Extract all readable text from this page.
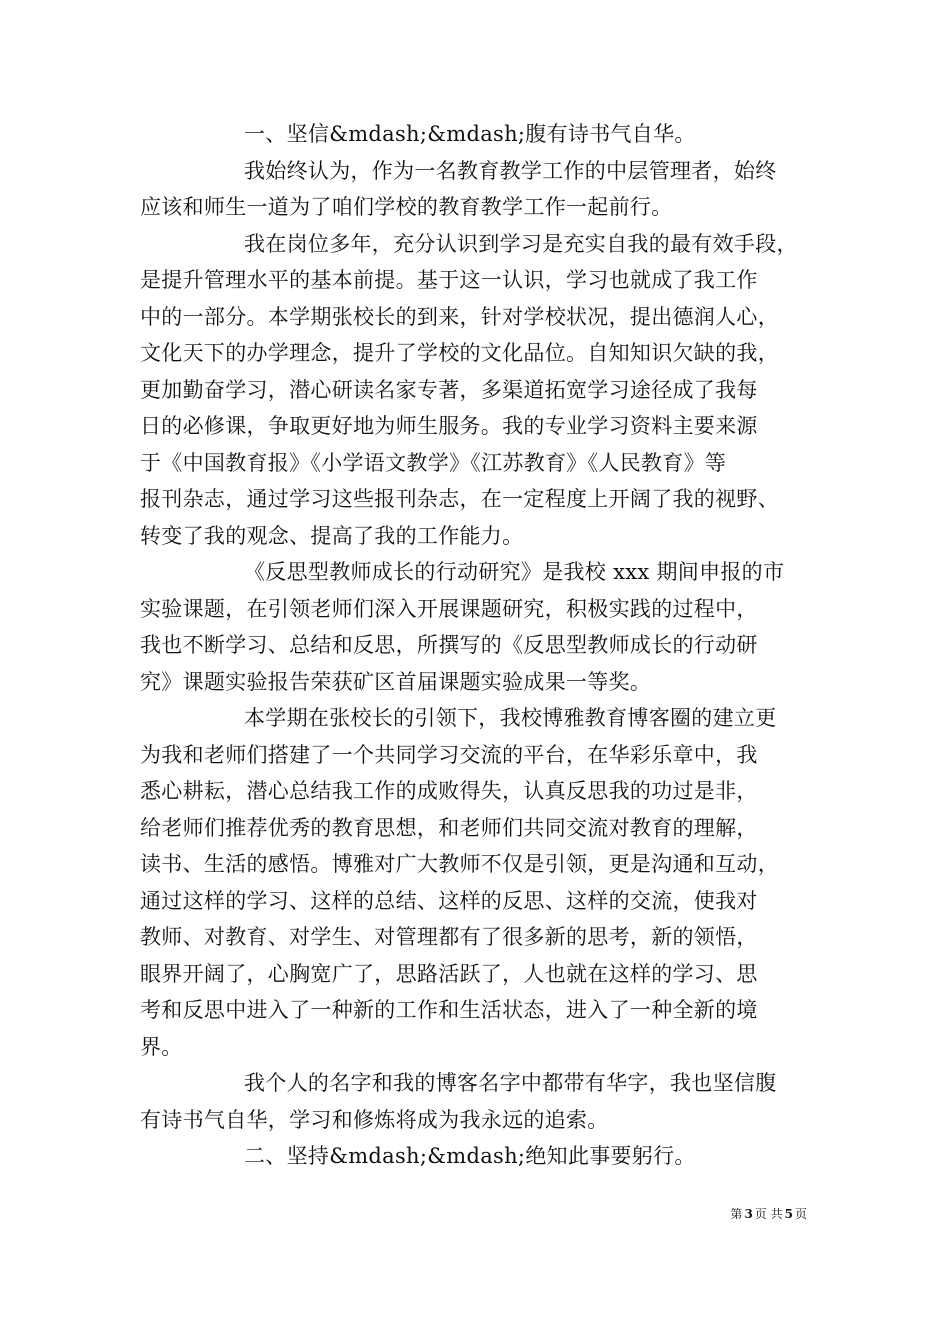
一、坚信&mdash;&mdash;腹有诗书气自华。
我始终认为，作为一名教育教学工作的中层管理者，始终
应该和师生一道为了咱们学校的教育教学工作一起前行。
我在岗位多年，充分认识到学习是充实自我的最有效手段，
是提升管理水平的基本前提。基于这一认识，学习也就成了我工作
中的一部分。本学期张校长的到来，针对学校状况，提出德润人心，
文化天下的办学理念，提升了学校的文化品位。自知知识欠缺的我，
更加勤奋学习，潜心研读名家专著，多渠道拓宽学习途径成了我每
日的必修课，争取更好地为师生服务。我的专业学习资料主要来源
于《中国教育报》《小学语文教学》《江苏教育》《人民教育》等
报刊杂志，通过学习这些报刊杂志，在一定程度上开阔了我的视野、
转变了我的观念、提高了我的工作能力。
《反思型教师成长的行动研究》是我校 xxx 期间申报的市
实验课题，在引领老师们深入开展课题研究，积极实践的过程中，
我也不断学习、总结和反思，所撰写的《反思型教师成长的行动研
究》课题实验报告荣获矿区首届课题实验成果一等奖。
本学期在张校长的引领下，我校博雅教育博客圈的建立更
为我和老师们搭建了一个共同学习交流的平台，在华彩乐章中，我
悉心耕耘，潜心总结我工作的成败得失，认真反思我的功过是非，
给老师们推荐优秀的教育思想，和老师们共同交流对教育的理解，
读书、生活的感悟。博雅对广大教师不仅是引领，更是沟通和互动，
通过这样的学习、这样的总结、这样的反思、这样的交流，使我对
教师、对教育、对学生、对管理都有了很多新的思考，新的领悟，
眼界开阔了，心胸宽广了，思路活跃了，人也就在这样的学习、思
考和反思中进入了一种新的工作和生活状态，进入了一种全新的境
界。
我个人的名字和我的博客名字中都带有华字，我也坚信腹
有诗书气自华，学习和修炼将成为我永远的追索。
二、坚持&mdash;&mdash;绝知此事要躬行。
第 3 页 共 5 页
